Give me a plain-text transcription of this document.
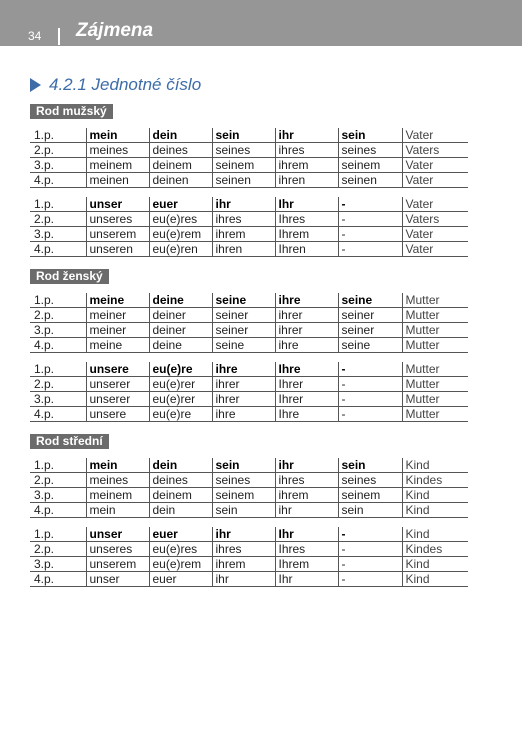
34 Zájmena
4.2.1 Jednotné číslo
Rod mužský
1.p.	mein	dein	sein	ihr	sein	Vater
2.p.	meines	deines	seines	ihres	seines	Vaters
3.p.	meinem	deinem	seinem	ihrem	seinem	Vater
4.p.	meinen	deinen	seinen	ihren	seinen	Vater
1.p.	unser	euer	ihr	Ihr	-	Vater
2.p.	unseres	eu(e)res	ihres	Ihres	-	Vaters
3.p.	unserem	eu(e)rem	ihrem	Ihrem	-	Vater
4.p.	unseren	eu(e)ren	ihren	Ihren	-	Vater
Rod ženský
1.p.	meine	deine	seine	ihre	seine	Mutter
2.p.	meiner	deiner	seiner	ihrer	seiner	Mutter
3.p.	meiner	deiner	seiner	ihrer	seiner	Mutter
4.p.	meine	deine	seine	ihre	seine	Mutter
1.p.	unsere	eu(e)re	ihre	Ihre	-	Mutter
2.p.	unserer	eu(e)rer	ihrer	Ihrer	-	Mutter
3.p.	unserer	eu(e)rer	ihrer	Ihrer	-	Mutter
4.p.	unsere	eu(e)re	ihre	Ihre	-	Mutter
Rod střední
1.p.	mein	dein	sein	ihr	sein	Kind
2.p.	meines	deines	seines	ihres	seines	Kindes
3.p.	meinem	deinem	seinem	ihrem	seinem	Kind
4.p.	mein	dein	sein	ihr	sein	Kind
1.p.	unser	euer	ihr	Ihr	-	Kind
2.p.	unseres	eu(e)res	ihres	Ihres	-	Kindes
3.p.	unserem	eu(e)rem	ihrem	Ihrem	-	Kind
4.p.	unser	euer	ihr	Ihr	-	Kind
